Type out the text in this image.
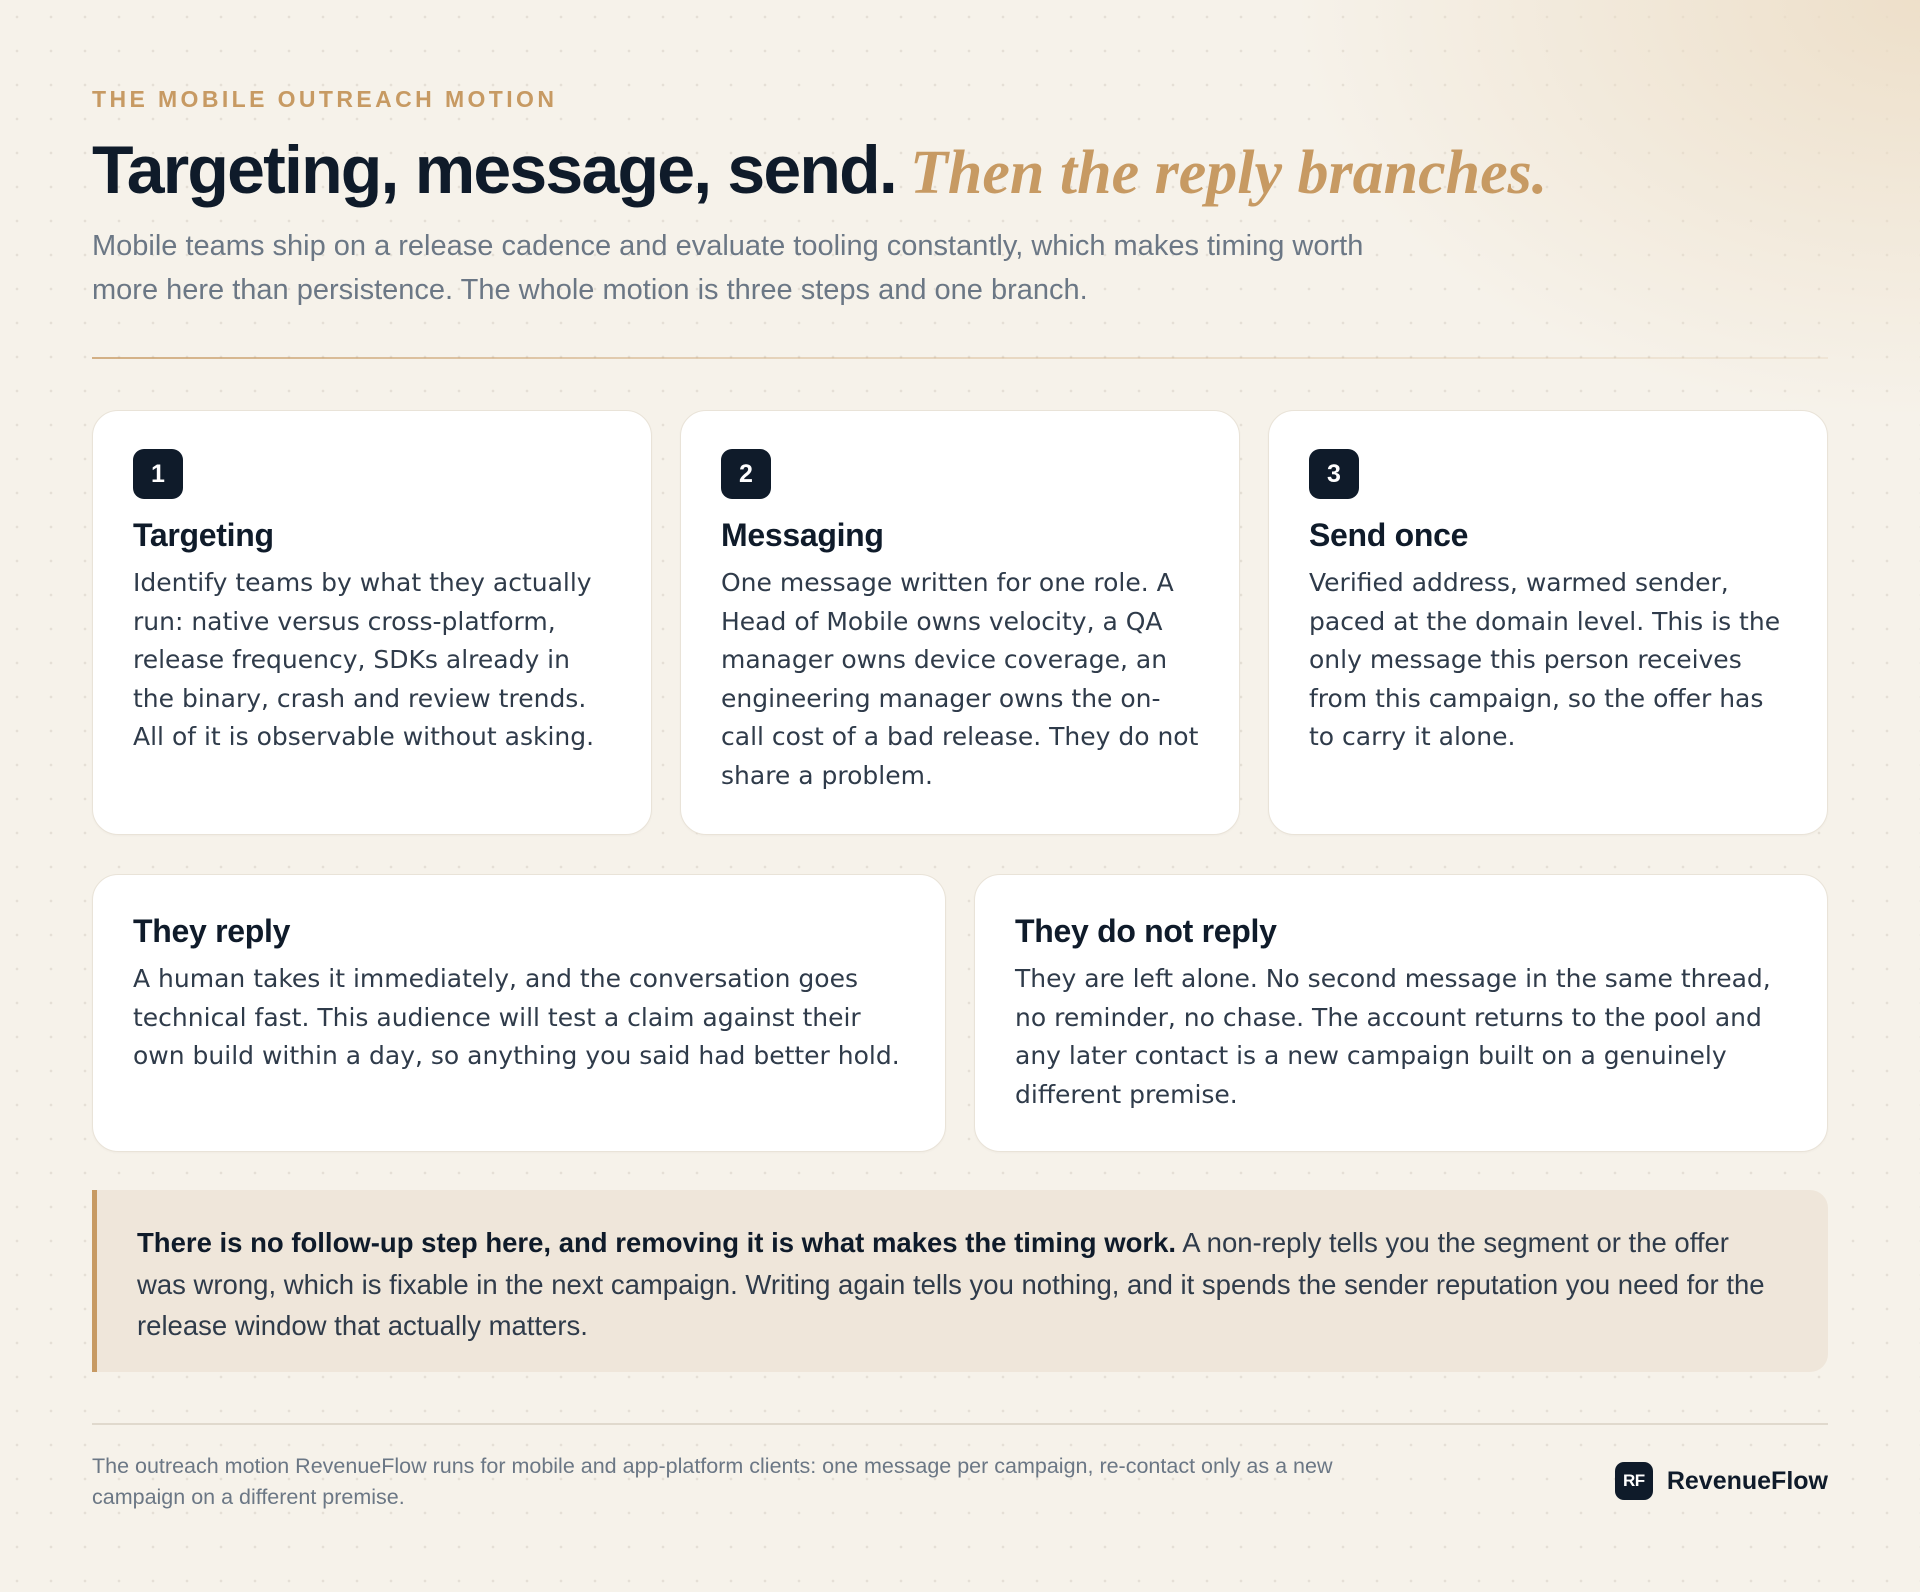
THE MOBILE OUTREACH MOTION
Targeting, message, send. Then the reply branches.

Mobile teams ship on a release cadence and evaluate tooling constantly, which makes timing worth more here than persistence. The whole motion is three steps and one branch.

1
Targeting

Identify teams by what they actually run: native versus cross-platform, release frequency, SDKs already in the binary, crash and review trends. All of it is observable without asking.

2
Messaging

One message written for one role. A Head of Mobile owns velocity, a QA manager owns device coverage, an engineering manager owns the on-call cost of a bad release. They do not share a problem.

3
Send once

Verified address, warmed sender, paced at the domain level. This is the only message this person receives from this campaign, so the offer has to carry it alone.

They reply

A human takes it immediately, and the conversation goes technical fast. This audience will test a claim against their own build within a day, so anything you said had better hold.

They do not reply

They are left alone. No second message in the same thread, no reminder, no chase. The account returns to the pool and any later contact is a new campaign built on a genuinely different premise.

There is no follow-up step here, and removing it is what makes the timing work. A non-reply tells you the segment or the offer was wrong, which is fixable in the next campaign. Writing again tells you nothing, and it spends the sender reputation you need for the release window that actually matters.

The outreach motion RevenueFlow runs for mobile and app-platform clients: one message per campaign, re-contact only as a new campaign on a different premise.

RF RevenueFlow
